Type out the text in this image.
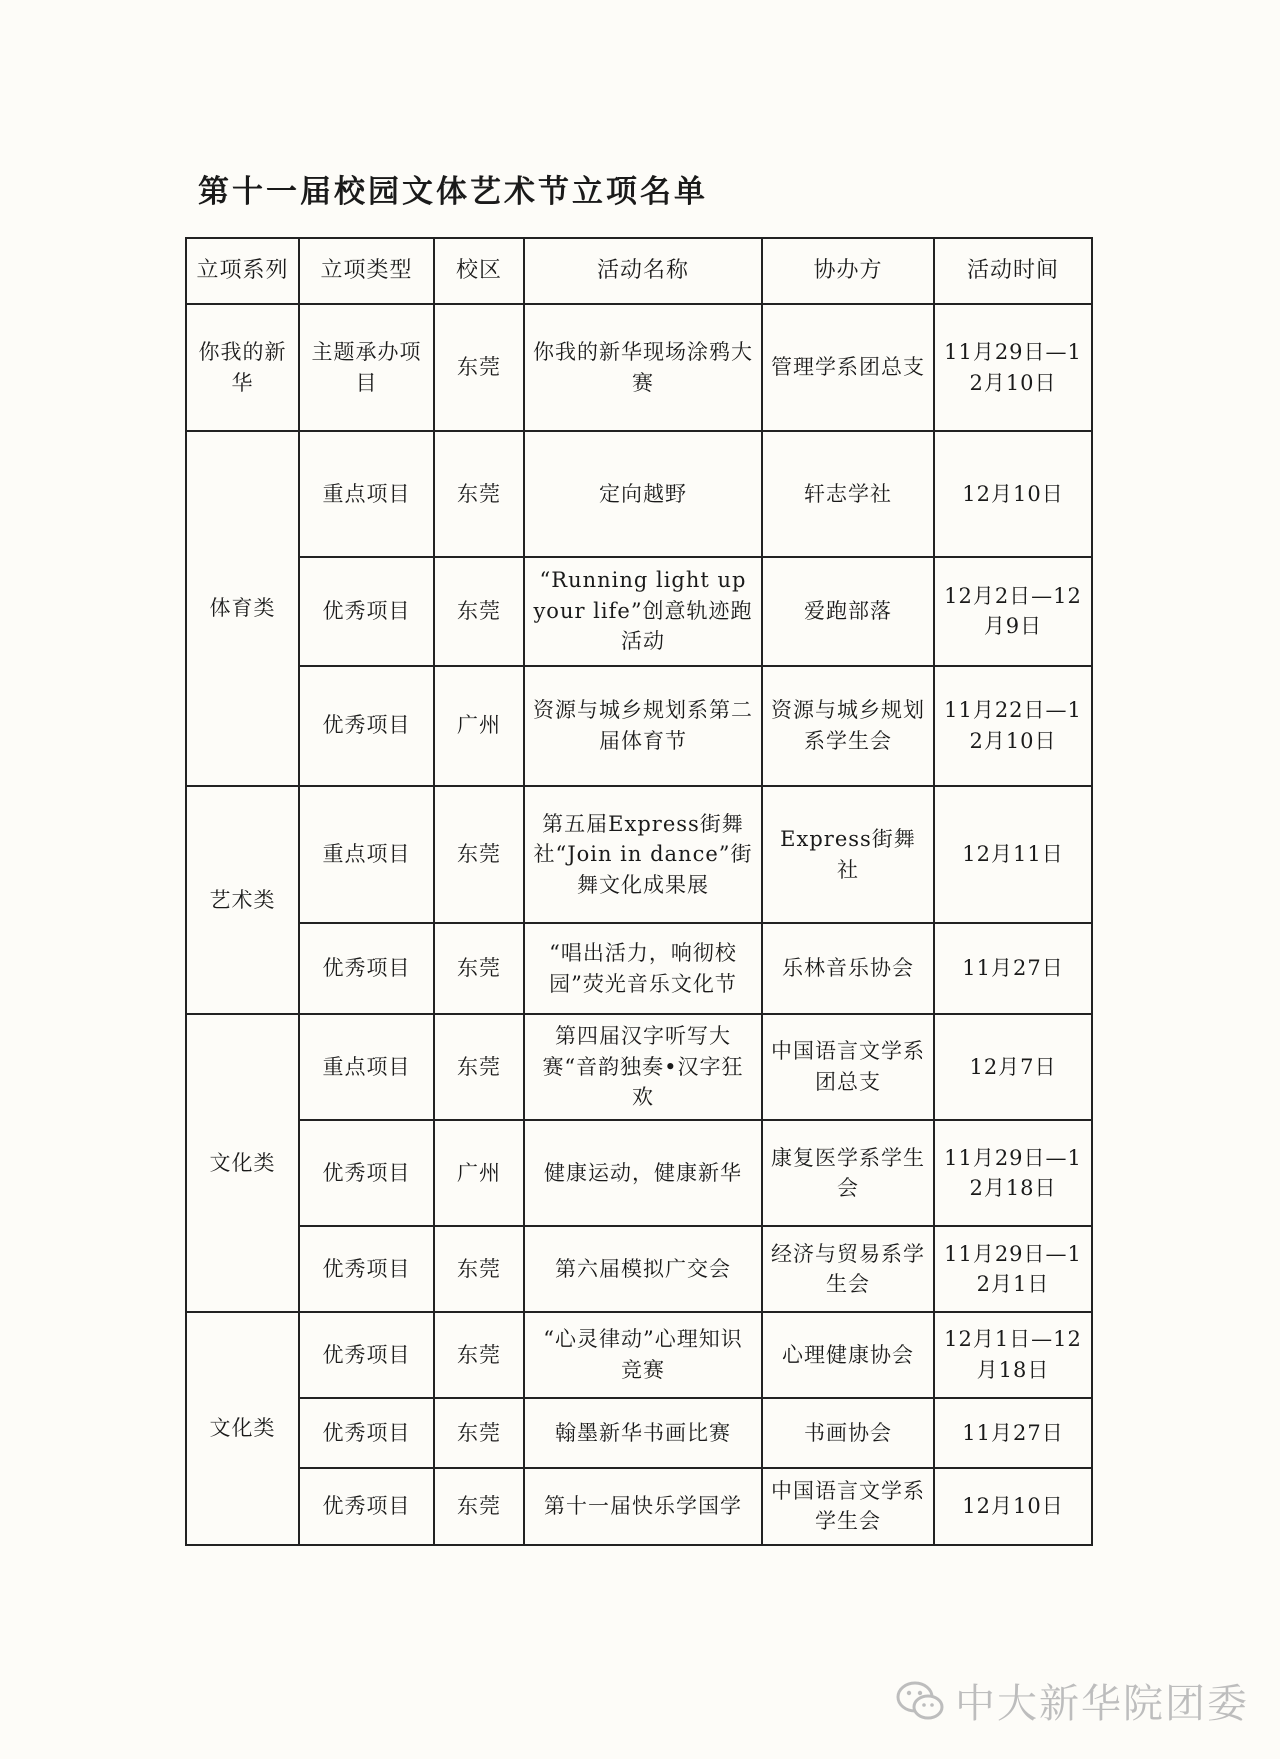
第十一届校园文体艺术节立项名单
立项系列	立项类型	校区	活动名称	协办方	活动时间
你我的新华	主题承办项目	东莞	你我的新华现场涂鸦大赛	管理学系团总支	11月29日—12月10日
体育类	重点项目	东莞	定向越野	轩志学社	12月10日
	优秀项目	东莞	“Running light up your life”创意轨迹跑活动	爱跑部落	12月2日—12月9日
	优秀项目	广州	资源与城乡规划系第二届体育节	资源与城乡规划系学生会	11月22日—12月10日
艺术类	重点项目	东莞	第五届Express街舞社“Join in dance”街舞文化成果展	Express街舞社	12月11日
	优秀项目	东莞	“唱出活力，响彻校园”荧光音乐文化节	乐林音乐协会	11月27日
文化类	重点项目	东莞	第四届汉字听写大赛“音韵独奏•汉字狂欢	中国语言文学系团总支	12月7日
	优秀项目	广州	健康运动，健康新华	康复医学系学生会	11月29日—12月18日
	优秀项目	东莞	第六届模拟广交会	经济与贸易系学生会	11月29日—12月1日
文化类	优秀项目	东莞	“心灵律动”心理知识竞赛	心理健康协会	12月1日—12月18日
	优秀项目	东莞	翰墨新华书画比赛	书画协会	11月27日
	优秀项目	东莞	第十一届快乐学国学	中国语言文学系学生会	12月10日
中大新华院团委
